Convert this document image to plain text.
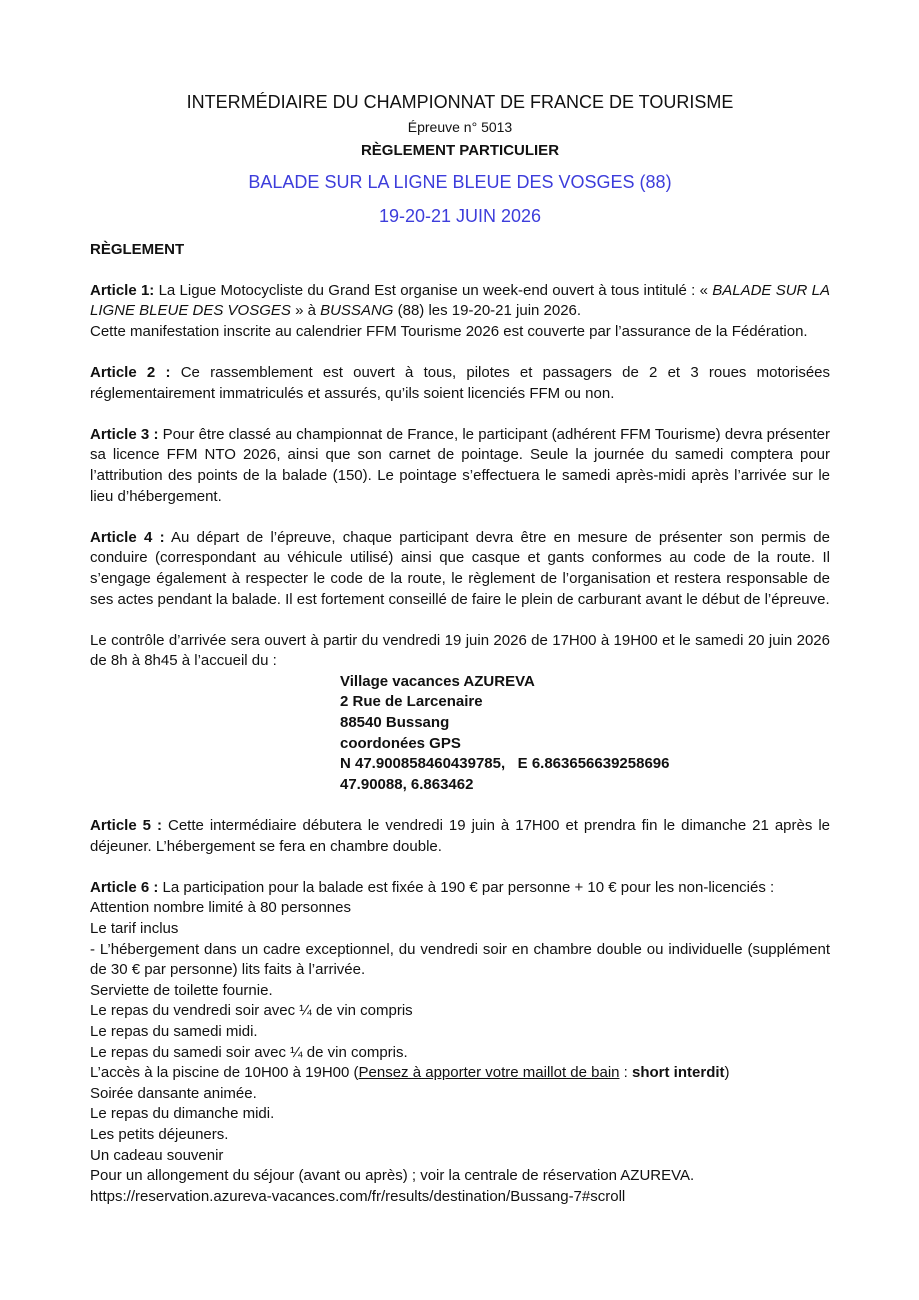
INTERMÉDIAIRE DU CHAMPIONNAT DE FRANCE DE TOURISME
Épreuve n° 5013
RÈGLEMENT PARTICULIER
BALADE SUR LA LIGNE BLEUE DES VOSGES (88)
19-20-21 JUIN 2026
RÈGLEMENT

Article 1: La Ligue Motocycliste du Grand Est organise un week-end ouvert à tous intitulé : « BALADE SUR LA LIGNE BLEUE DES VOSGES » à BUSSANG (88) les 19-20-21 juin 2026.

Cette manifestation inscrite au calendrier FFM Tourisme 2026 est couverte par l’assurance de la Fédération.

Article 2 : Ce rassemblement est ouvert à tous, pilotes et passagers de 2 et 3 roues motorisées réglementairement immatriculés et assurés, qu’ils soient licenciés FFM ou non.

Article 3 : Pour être classé au championnat de France, le participant (adhérent FFM Tourisme) devra présenter sa licence FFM NTO 2026, ainsi que son carnet de pointage. Seule la journée du samedi comptera pour l’attribution des points de la balade (150). Le pointage s’effectuera le samedi après-midi après l’arrivée sur le lieu d’hébergement.

Article 4 : Au départ de l’épreuve, chaque participant devra être en mesure de présenter son permis de conduire (correspondant au véhicule utilisé) ainsi que casque et gants conformes au code de la route. Il s’engage également à respecter le code de la route, le règlement de l’organisation et restera responsable de ses actes pendant la balade. Il est fortement conseillé de faire le plein de carburant avant le début de l’épreuve.

Le contrôle d’arrivée sera ouvert à partir du vendredi 19 juin 2026 de 17H00 à 19H00 et le samedi 20 juin 2026 de 8h à 8h45 à l’accueil du :

Village vacances AZUREVA
2 Rue de Larcenaire
88540 Bussang
coordonées GPS
N 47.900858460439785,   E 6.863656639258696
47.90088, 6.863462

Article 5 : Cette intermédiaire débutera le vendredi 19 juin à 17H00 et prendra fin le dimanche 21 après le déjeuner. L’hébergement se fera en chambre double.

Article 6 : La participation pour la balade est fixée à 190 € par personne + 10 € pour les non-licenciés :

Attention nombre limité à 80 personnes
Le tarif inclus
- L’hébergement dans un cadre exceptionnel, du vendredi soir en chambre double ou individuelle (supplément de 30 € par personne) lits faits à l’arrivée.
Serviette de toilette fournie.
Le repas du vendredi soir avec ¼ de vin compris
Le repas du samedi midi.
Le repas du samedi soir avec ¼ de vin compris.
L’accès à la piscine de 10H00 à 19H00 (Pensez à apporter votre maillot de bain : short interdit)
Soirée dansante animée.
Le repas du dimanche midi.
Les petits déjeuners.
Un cadeau souvenir
Pour un allongement du séjour (avant ou après) ; voir la centrale de réservation AZUREVA.
https://reservation.azureva-vacances.com/fr/results/destination/Bussang-7#scroll
